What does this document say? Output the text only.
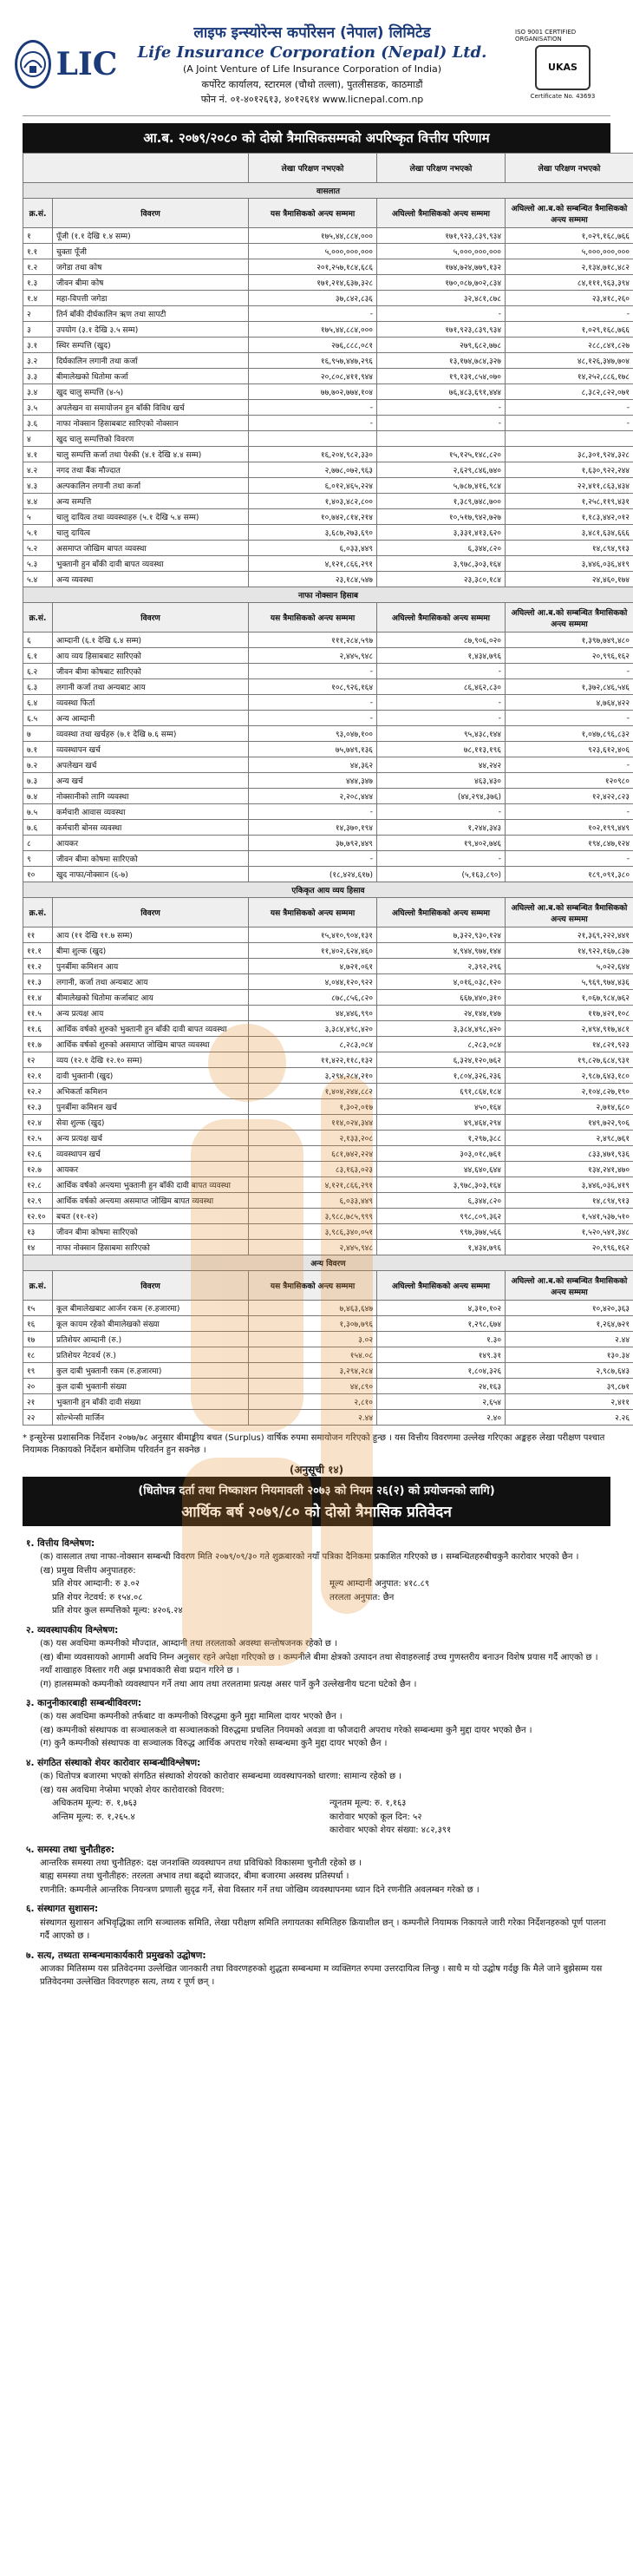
LIC
लाइफ इन्स्योरेन्स कर्पोरेसन (नेपाल) लिमिटेड
Life Insurance Corporation (Nepal) Ltd.
(A Joint Venture of Life Insurance Corporation of India)
कर्पोरेट कार्यालय, स्टारमल (चौथो तल्ला), पुतलीसडक, काठमाडौं
फोन नं. ०१-४०१२६१३, ४०१२६१४ www.licnepal.com.np
ISO 9001 CERTIFIED ORGANISATION
UKAS
Certificate No. 43693
आ.ब. २०७९/२०८० को दोस्रो त्रैमासिकसम्मको अपरिष्कृत वित्तीय परिणाम
		लेखा परिक्षण नभएको	लेखा परिक्षण नभएको	लेखा परिक्षण नभएको
वासलात				
क्र.सं.	विवरण	यस त्रैमासिकको अन्त्य सम्ममा	अघिल्लो त्रैमासिकको अन्त्य सम्ममा	अघिल्लो आ.ब.को सम्बन्धित त्रैमासिकको अन्त्य सम्ममा
१	पूँजी (१.१ देखि १.४ सम्म)	१७५,४४,८८४,०००	१७१,९२३,८३९,९३४	१,०२९,१६८,७६६
१.१	चुक्ता पूँजी	५,०००,०००,०००	५,०००,०००,०००	५,०००,०००,०००
१.२	जगेडा तथा कोष	२०१,२५७,१८४,६८६	१७४,७२४,७७९,१३२	२,१३४,७१८,४८२
१.३	जीवन बीमा कोष	१७१,२१४,६३७,३२८	१७०,०८७,७०२,८३४	८४,१११,९६३,३९४
१.४	महा-विपत्ती जगेडा	३७,८४२,८३६	३२,४८१,८७८	२३,४१८,२६०
२	तिर्न बाँकी दीर्घकालिन ऋण तथा सापटी	-	-	-
३	उपयोग (३.१ देखि ३.५ सम्म)	१७५,४४,८८४,०००	१७१,९२३,८३९,९३४	१,०२९,१६८,७६६
३.१	स्थिर सम्पत्ति (खुद)	२७६,८८८,०८१	२७९,६८२,७७८	२८८,८४१,८२७
३.२	दिर्घकालिन लगानी तथा कर्जा	१६,९५७,४४७,२९६	१३,१७४,७८४,३२७	४८,१२६,३४७,७०४
३.३	बीमालेखको धितोमा कर्जा	२०,८०८,४११,९४४	१९,१३१,८५४,०७०	१४,२५२,८८६,१७८
३.४	खुद चालु सम्पत्ति (४-५)	७७,७०२,७७४,१०४	७६,४८३,६९१,४४४	८,३८२,८२२,०७१
३.५	अपलेखन वा समायोजन हुन बाँकी विविध खर्च	-	-	-
३.६	नाफा नोक्सान हिसाबबाट सारिएको नोक्सान	-	-	-
४	खुद चालु सम्पत्तिको विवरण			
४.१	चालु सम्पत्ति कर्जा तथा पेश्की (४.१ देखि ४.४ सम्म)	१६,२०४,९८२,३३०	१५,१२५,१४८,८२०	३८,३०१,९२४,३२८
४.२	नगद तथा बैंक मौज्दात	२,७७८,०७२,९६३	२,६२९,८४६,७४०	१,६३०,९२२,२४४
४.३	अल्पकालिन लगानी तथा कर्जा	६,०१२,४६५,२२४	५,७८७,४१६,९८४	२२,४११,८६३,४३४
४.४	अन्य सम्पत्ति	१,४०३,४८२,८००	१,३८९,७४८,७००	१,२५८,११९,४३१
५	चालु दायित्व तथा व्यवस्थाहरु (५.१ देखि ५.४ सम्म)	१०,७४२,८१४,२१४	१०,५१७,९४२,७२७	१,१८३,४४२,०१२
५.१	चालु दायित्व	३,६८७,२७३,६९०	३,३३१,४१३,६२०	३,४८१,६३४,६६६
५.२	असमाप्त जोखिम बापत व्यवस्था	६,०३३,४४९	६,३४४,८२०	१४,८९४,९१३
५.३	भुक्तानी हुन बाँकी दावी बापत व्यवस्था	४,१२१,८६६,२९१	३,९७८,३०३,१६४	३,४४६,०३६,४१९
५.४	अन्य व्यवस्था	२३,१८४,५४७	२३,३८०,१८४	२४,४६०,१७४
नाफा नोक्सान हिसाब				
क्र.सं.	विवरण	यस त्रैमासिकको अन्त्य सम्ममा	अघिल्लो त्रैमासिकको अन्त्य सम्ममा	अघिल्लो आ.ब.को सम्बन्धित त्रैमासिकको अन्त्य सम्ममा
६	आम्दानी (६.१ देखि ६.४ सम्म)	१११,२८४,५९७	८७,९०६,०२०	१,३९७,७४९,४८०
६.१	आय व्यय हिसाबबाट सारिएको	२,४४५,९४८	१,४३४,७९६	२०,९९६,१६२
६.२	जीवन बीमा कोषबाट सारिएको	-	-	-
६.३	लगानी कर्जा तथा अन्यबाट आय	१०८,९२६,१६४	८६,४६२,८३०	१,३७२,८४६,५४६
६.४	व्यवस्था फिर्ता	-	-	४,७६४,४२२
६.५	अन्य आम्दानी	-	-	-
७	व्यवस्था तथा खर्चहरु (७.१ देखि ७.६ सम्म)	९३,०४७,१००	९५,४३८,१४४	१,०४७,८९६,८३२
७.१	व्यवस्थापन खर्च	७५,७४९,१३६	७८,११३,१९६	९२३,६१२,४०६
७.२	अपलेखन खर्च	४४,३६२	४४,२४२	-
७.३	अन्य खर्च	४४४,३४७	४६३,४३०	१२०९८०
७.४	नोक्सानीको लागि व्यवस्था	२,२०८,४४४	(४४,२९४,३७६)	१२,४२२,८२३
७.५	कर्मचारी आवास व्यवस्था	-	-	-
७.६	कर्मचारी बोनस व्यवस्था	१४,३७०,१९४	१,२४४,३४३	१०२,१९९,४४९
८	आयकर	३७,७९२,४४९	१९,४०२,७४६	१९४,८४७,१२४
९	जीवन बीमा कोषमा सारिएको	-	-	-
१०	खुद नाफा/नोक्सान (६-७)	(१८,४२४,६१७)	(५,१६३,८९०)	१८९,०९१,३८०
एकिकृत आय व्यय हिसाव				
क्र.सं.	विवरण	यस त्रैमासिकको अन्त्य सम्ममा	अघिल्लो त्रैमासिकको अन्त्य सम्ममा	अघिल्लो आ.ब.को सम्बन्धित त्रैमासिकको अन्त्य सम्ममा
११	आय (११ देखि ११.७ सम्म)	१५,४१०,९०४,१३१	७,३२२,९३०,१२४	२१,३६९,२२२,४४१
११.१	बीमा शुल्क (खुद)	११,४०२,६२४,४६०	४,९४४,९७४,१४४	१४,९२२,१६७,८३७
११.२	पुनर्बीमा कमिशन आय	४,७२१,०६१	२,३९२,२९६	५,०२२,६४४
११.३	लगानी, कर्जा तथा अन्यबाट आय	४,०४४,१२०,९२२	४,०१६,०३८,१२०	५,९६९,९७४,४३६
११.४	बीमालेखको धितोमा कर्जाबाट आय	८७८,८५६,८२०	६६७,४४०,३१०	१,०६७,९८४,७६२
११.५	अन्य प्रत्यक्ष आय	४४,४४६,९९०	२४,१४४,१४७	११७,४२१,१०८
११.६	आर्थिक वर्षको शुरुको भुक्तानी हुन बाँकी दावी बापत व्यवस्था	३,३८४,४९८,४२०	३,३८४,४९८,४२०	२,४९४,९१७,४८१
११.७	आर्थिक वर्षको शुरुको असमाप्त जोखिम बापत व्यवस्था	८,२८३,०८४	८,२८३,०८४	१४,८२१,९२३
१२	व्यय (१२.१ देखि १२.१० सम्म)	११,४२२,११८,१३२	६,३२४,१२०,७६२	१९,८२७,६८४,९३१
१२.१	दावी भुक्तानी (खुद)	३,२९४,२८४,२१०	१,८०४,३२६,२३६	२,९८७,६४३,१८०
१२.२	अभिकर्ता कमिशन	१,४०४,२४४,८८२	६९१,८६४,१८४	२,१०४,८२७,१९०
१२.३	पुनर्बीमा कमिशन खर्च	१,३०२,०१७	४५०,१६४	२,७१४,६८०
१२.४	सेवा शुल्क (खुद)	११४,०२४,३४४	४९,४६४,२९४	१४९,७२२,९०६
१२.५	अन्य प्रत्यक्ष खर्च	२,१३३,२०८	१,२९७,३८८	२,४९८,७६१
१२.६	व्यवस्थापन खर्च	६८१,७४२,२२४	३०३,०१८,७६१	८३३,४७१,९३६
१२.७	आयकर	८३,१६३,०२३	४४,६४०,६४४	१३४,२४१,४७०
१२.८	आर्थिक वर्षको अन्त्यमा भुक्तानी हुन बाँकी दावी बापत व्यवस्था	४,१२१,८६६,२९१	३,९७८,३०३,१६४	३,४४६,०३६,४१९
१२.९	आर्थिक वर्षको अन्त्यमा असमाप्त जोखिम बापत व्यवस्था	६,०३३,४४९	६,३४४,८२०	१४,८९४,९१३
१२.१०	बचत (११-१२)	३,९८८,७८५,९९९	९९८,८०९,३६२	१,५४१,५३७,५१०
१३	जीवन बीमा कोषमा सारिएको	३,९८६,३४०,०५१	९९७,३७४,५६६	१,५२०,५४१,३४८
१४	नाफा नोक्सान हिसाबमा सारिएको	२,४४५,९४८	१,४३४,७९६	२०,९९६,१६२
अन्य विवरण				
क्र.सं.	विवरण	यस त्रैमासिकको अन्त्य सम्ममा	अघिल्लो त्रैमासिकको अन्त्य सम्ममा	अघिल्लो आ.ब.को सम्बन्धित त्रैमासिकको अन्त्य सम्ममा
१५	कूल बीमालेखबाट आर्जन रकम (रु.हजारमा)	७,४६३,६४७	४,३१०,१०२	१०,४२०,३६३
१६	कूल कायम रहेको बीमालेखको संख्या	१,३०७,७९६	१,२९८,६७४	१,२६४,७२१
१७	प्रतिशेयर आम्दानी (रु.)	३.०२	१.३०	२.४४
१८	प्रतिशेयर नेटवर्थ (रु.)	१५४.०८	१४९.३१	१३०.३४
१९	कुल दाबी भुक्तानी रकम (रु.हजारमा)	३,२९४,२८४	१,८०४,३२६	२,९८७,६४३
२०	कुल दाबी भुक्तानी संख्या	४४,८९०	२४,१६३	३९,८७१
२१	भुक्तानी हुन बाँकी दावी संख्या	२,८१०	२,६५४	२,४११
२२	सोल्भेन्सी मार्जिन	२.४४	२.४०	२.२६
* इन्सुरेन्स प्रशासनिक निर्देशन २०७७/७८ अनुसार बीमाङ्कीय बचत (Surplus) वार्षिक रुपमा समायोजन गरिएको हुन्छ । यस वित्तीय विवरणमा उल्लेख गरिएका अङ्कहरु लेखा परीक्षण पश्चात नियामक निकायको निर्देशन बमोजिम परिवर्तन हुन सक्नेछ ।
(अनुसूची १४)
(धितोपत्र दर्ता तथा निष्काशन नियमावली २०७३ को नियम २६(२) को प्रयोजनको लागि)
आर्थिक बर्ष २०७९/८० को दोस्रो त्रैमासिक प्रतिवेदन
१. वित्तीय विश्लेषण:

(क) वासलात तथा नाफा-नोक्सान सम्बन्धी विवरण मिति २०७९/०९/३० गते शुक्रबारको नयाँ पत्रिका दैनिकमा प्रकाशित गरिएको छ । सम्बन्धितहरुबीचकुनै कारोवार भएको छैन ।

(ख) प्रमुख वित्तीय अनुपातहरु:

प्रति शेयर आम्दानी: रु ३.०२	मूल्य आम्दानी अनुपात: ४१८.८९
प्रति शेयर नेटवर्थ: रु १५४.०८	तरलता अनुपात: छैन
प्रति शेयर कुल सम्पत्तिको मूल्य: ४२०६.२४
२. व्यवस्थापकीय विश्लेषण:

(क) यस अवधिमा कम्पनीको मौज्दात, आम्दानी तथा तरलताको अवस्था सन्तोषजनक रहेको छ ।

(ख) बीमा व्यवसायको आगामी अवधि निम्न अनुसार रहने अपेक्षा गरिएको छ । कम्पनीले बीमा क्षेत्रको उत्पादन तथा सेवाहरुलाई उच्च गुणस्तरीय बनाउन विशेष प्रयास गर्दै आएको छ । नयाँ शाखाहरु विस्तार गरी अझ प्रभावकारी सेवा प्रदान गरिने छ ।

(ग) हालसम्मको कम्पनीको व्यवस्थापन गर्ने तथा आय तथा तरलतामा प्रत्यक्ष असर पार्ने कुनै उल्लेखनीय घटना घटेको छैन ।

३. कानुनीकारबाही सम्बन्धीविवरण:

(क) यस अवधिमा कम्पनीको तर्फबाट वा कम्पनीको विरुद्धमा कुनै मुद्दा मामिला दायर भएको छैन ।

(ख) कम्पनीको संस्थापक वा सञ्चालकले वा सञ्चालकको विरुद्धमा प्रचलित नियमको अवज्ञा वा फौजदारी अपराध गरेको सम्बन्धमा कुनै मुद्दा दायर भएको छैन ।

(ग) कुनै कम्पनीको संस्थापक वा सञ्चालक विरुद्ध आर्थिक अपराध गरेको सम्बन्धमा कुनै मुद्दा दायर भएको छैन ।

४. संगठित संस्थाको शेयर कारोवार सम्बन्धीविश्लेषण:

(क) धितोपत्र बजारमा भएको संगठित संस्थाको शेयरको कारोवार सम्बन्धमा व्यवस्थापनको धारणा: सामान्य रहेको छ ।

(ख) यस अवधिमा नेप्सेमा भएको शेयर कारोवारको विवरण:

अधिकतम मूल्य: रु. १,७६३	न्यूनतम मूल्य: रु. १,१६३
अन्तिम मूल्य: रु. १,२६५.४	कारोवार भएको कूल दिन: ५२
कारोवार भएको शेयर संख्या: ४८२,३९१
५. समस्या तथा चुनौतीहरु:

आन्तरिक समस्या तथा चुनौतिहरु: दक्ष जनशक्ति व्यवस्थापन तथा प्रविधिको विकासमा चुनौती रहेको छ ।

बाह्य समस्या तथा चुनौतीहरु: तरलता अभाव तथा बढ्दो ब्याजदर, बीमा बजारमा अस्वस्थ प्रतिस्पर्धा ।

रणनीति: कम्पनीले आन्तरिक नियन्त्रण प्रणाली सुदृढ गर्ने, सेवा विस्तार गर्ने तथा जोखिम व्यवस्थापनमा ध्यान दिने रणनीति अवलम्बन गरेको छ ।

६. संस्थागत सुशासन:

संस्थागत सुशासन अभिवृद्धिका लागि सञ्चालक समिति, लेखा परीक्षण समिति लगायतका समितिहरु क्रियाशील छन् । कम्पनीले नियामक निकायले जारी गरेका निर्देशनहरुको पूर्ण पालना गर्दै आएको छ ।

७. सत्य, तथ्यता सम्बन्धमाकार्यकारी प्रमुखको उद्घोषण:

आजका मितिसम्म यस प्रतिवेदनमा उल्लेखित जानकारी तथा विवरणहरुको शुद्धता सम्बन्धमा म व्यक्तिगत रुपमा उत्तरदायित्व लिन्छु । साथै म यो उद्घोष गर्दछु कि मैले जाने बुझेसम्म यस प्रतिवेदनमा उल्लेखित विवरणहरु सत्य, तथ्य र पूर्ण छन् ।
